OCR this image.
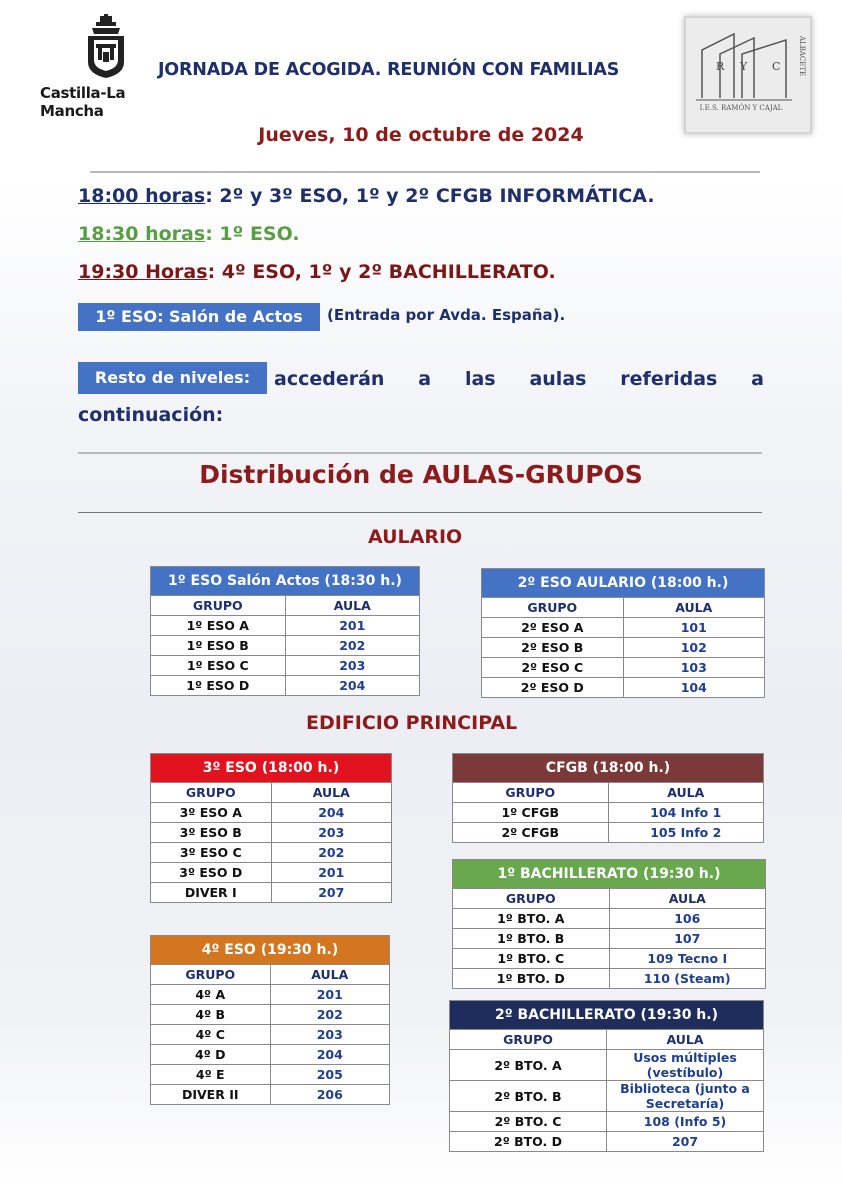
Castilla-La Mancha
JORNADA DE ACOGIDA. REUNIÓN CON FAMILIAS	R Y C
I.E.S. RAMÓN Y CAJAL
ALBACETE
Jueves, 10 de octubre de 2024
18:00 horas: 2º y 3º ESO, 1º y 2º CFGB INFORMÁTICA.
18:30 horas: 1º ESO.
19:30 Horas: 4º ESO, 1º y 2º BACHILLERATO.
1º ESO: Salón de Actos	(Entrada por Avda. España).
Resto de niveles:	accederán a las aulas referidas a
continuación:
Distribución de AULAS-GRUPOS
AULARIO
EDIFICIO PRINCIPAL
1º ESO Salón Actos (18:30 h.)	
GRUPO	AULA
1º ESO A	201
1º ESO B	202
1º ESO C	203
1º ESO D	204
2º ESO AULARIO (18:00 h.)	
GRUPO	AULA
2º ESO A	101
2º ESO B	102
2º ESO C	103
2º ESO D	104
3º ESO (18:00 h.)	
GRUPO	AULA
3º ESO A	204
3º ESO B	203
3º ESO C	202
3º ESO D	201
DIVER I	207
CFGB (18:00 h.)	
GRUPO	AULA
1º CFGB	104 Info 1
2º CFGB	105 Info 2
1º BACHILLERATO (19:30 h.)	
GRUPO	AULA
1º BTO. A	106
1º BTO. B	107
1º BTO. C	109 Tecno I
1º BTO. D	110 (Steam)
4º ESO (19:30 h.)	
GRUPO	AULA
4º A	201
4º B	202
4º C	203
4º D	204
4º E	205
DIVER II	206
2º BACHILLERATO (19:30 h.)	
GRUPO	AULA
2º BTO. A	Usos múltiples (vestíbulo)
2º BTO. B	Biblioteca (junto a Secretaría)
2º BTO. C	108 (Info 5)
2º BTO. D	207
